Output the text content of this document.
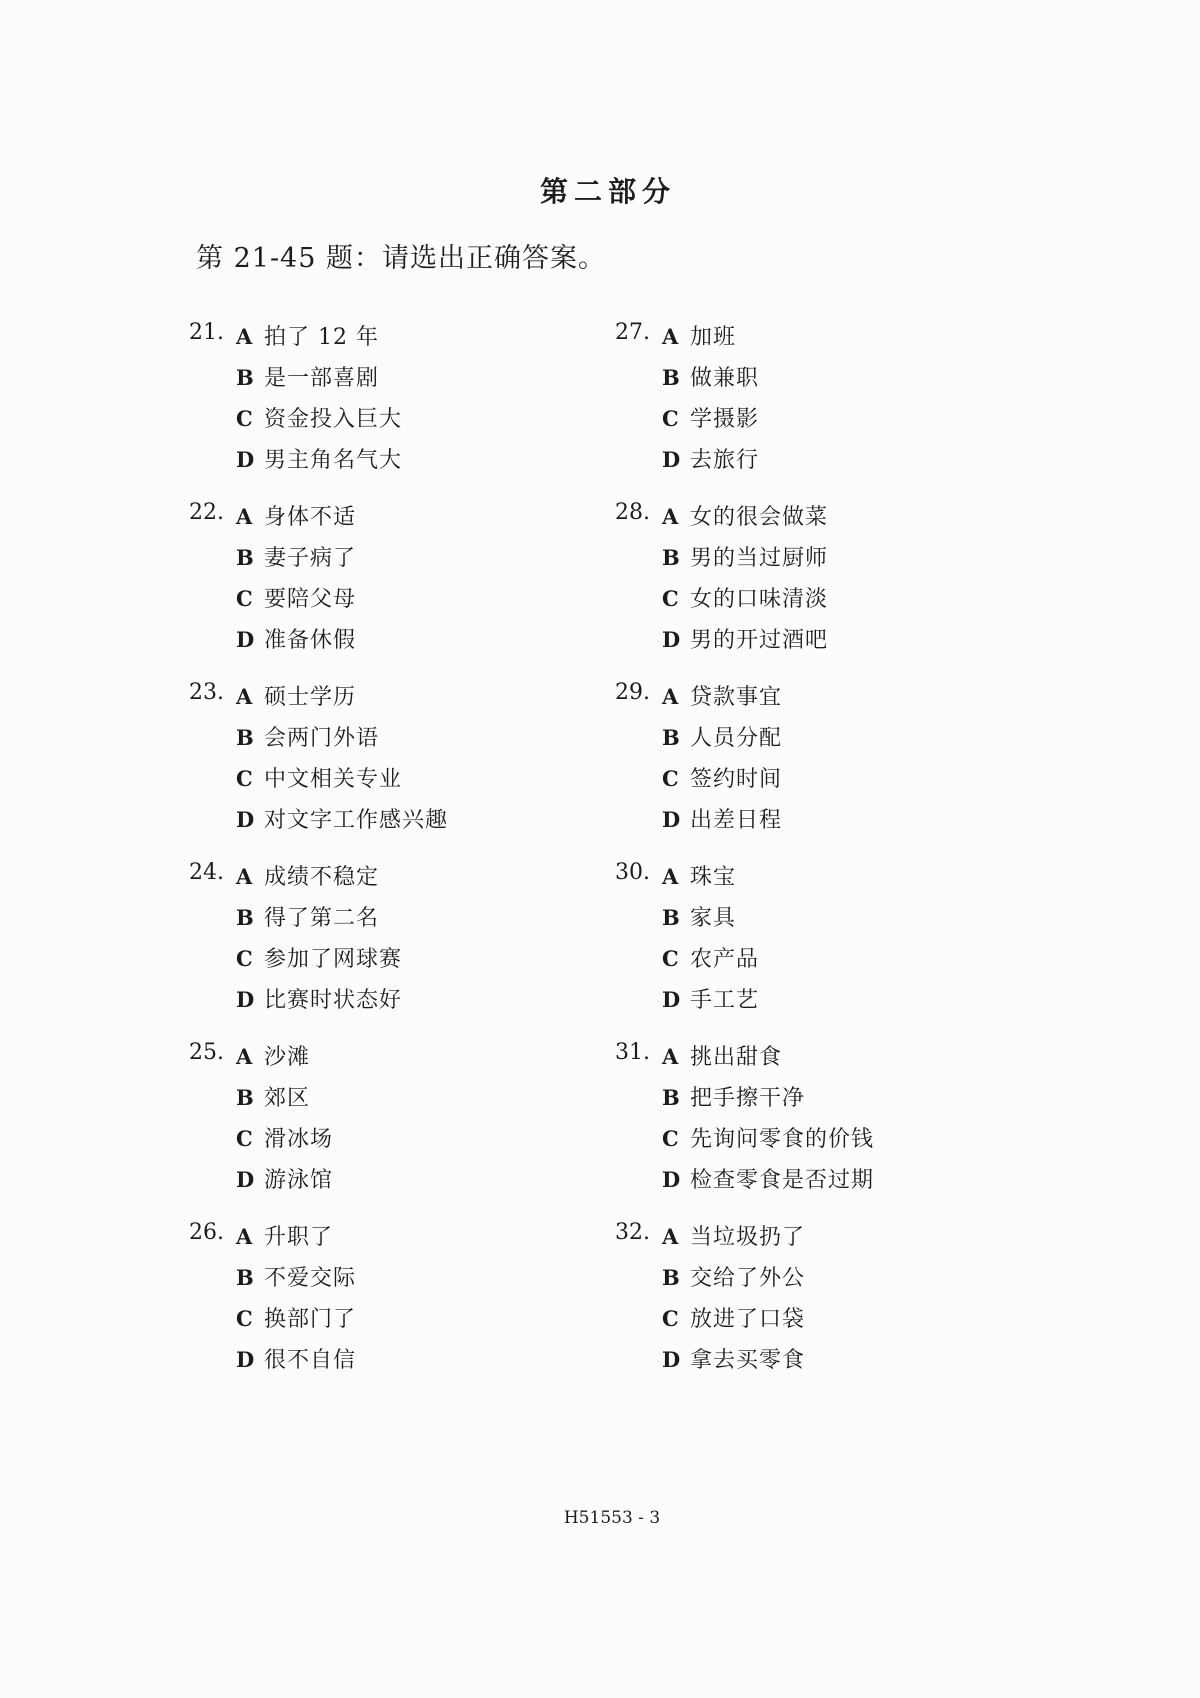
第二部分
第 21-45 题：请选出正确答案。
21. A 拍了 12 年
B 是一部喜剧
C 资金投入巨大
D 男主角名气大
22. A 身体不适
B 妻子病了
C 要陪父母
D 准备休假
23. A 硕士学历
B 会两门外语
C 中文相关专业
D 对文字工作感兴趣
24. A 成绩不稳定
B 得了第二名
C 参加了网球赛
D 比赛时状态好
25. A 沙滩
B 郊区
C 滑冰场
D 游泳馆
26. A 升职了
B 不爱交际
C 换部门了
D 很不自信
27. A 加班
B 做兼职
C 学摄影
D 去旅行
28. A 女的很会做菜
B 男的当过厨师
C 女的口味清淡
D 男的开过酒吧
29. A 贷款事宜
B 人员分配
C 签约时间
D 出差日程
30. A 珠宝
B 家具
C 农产品
D 手工艺
31. A 挑出甜食
B 把手擦干净
C 先询问零食的价钱
D 检查零食是否过期
32. A 当垃圾扔了
B 交给了外公
C 放进了口袋
D 拿去买零食
H51553 - 3
